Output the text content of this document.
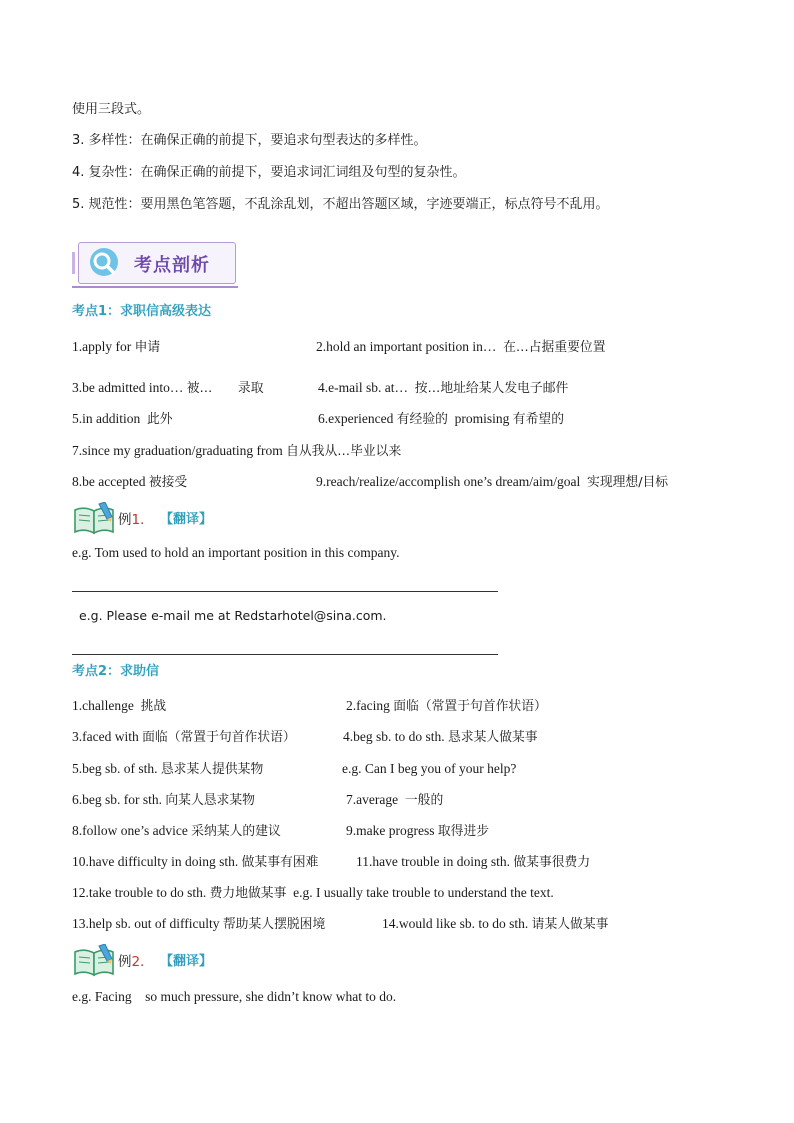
使用三段式。
3. 多样性：在确保正确的前提下，要追求句型表达的多样性。
4. 复杂性：在确保正确的前提下，要追求词汇词组及句型的复杂性。
5. 规范性：要用黑色笔答题，不乱涂乱划，不超出答题区域，字迹要端正，标点符号不乱用。
考点剖析
考点1：求职信高级表达
1.apply for 申请	2.hold an important position in… 在…占据重要位置
3.be admitted into… 被…　　录取	4.e-mail sb. at… 按…地址给某人发电子邮件
5.in addition 此外	6.experienced 有经验的 promising 有希望的
7.since my graduation/graduating from 自从我从…毕业以来
8.be accepted 被接受	9.reach/realize/accomplish one’s dream/aim/goal 实现理想/目标
例1． 【翻译】
e.g. Tom used to hold an important position in this company.
e.g. Please e-mail me at Redstarhotel@sina.com.
考点2：求助信
1.challenge 挑战	2.facing 面临（常置于句首作状语）
3.faced with 面临（常置于句首作状语）	4.beg sb. to do sth. 恳求某人做某事
5.beg sb. of sth. 恳求某人提供某物	e.g. Can I beg you of your help?
6.beg sb. for sth. 向某人恳求某物	7.average 一般的
8.follow one’s advice 采纳某人的建议	9.make progress 取得进步
10.have difficulty in doing sth. 做某事有困难	11.have trouble in doing sth. 做某事很费力
12.take trouble to do sth. 费力地做某事 e.g. I usually take trouble to understand the text.
13.help sb. out of difficulty 帮助某人摆脱困境	14.would like sb. to do sth. 请某人做某事
例2． 【翻译】
e.g. Facing　so much pressure, she didn’t know what to do.
